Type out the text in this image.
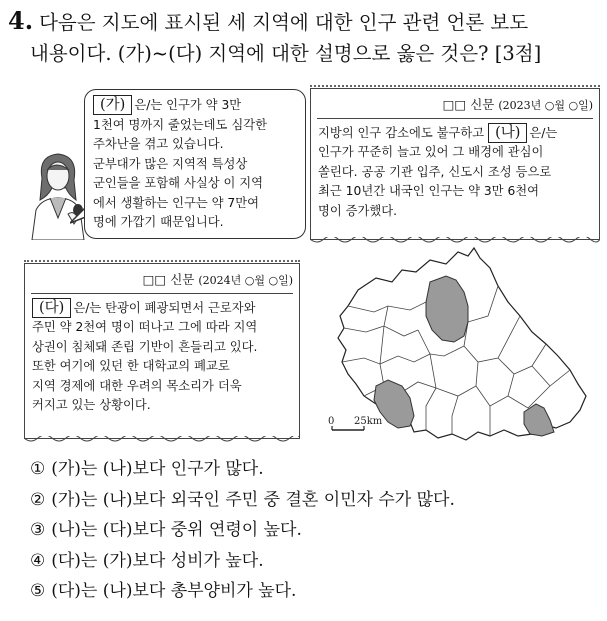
4. 다음은 지도에 표시된 세 지역에 대한 인구 관련 언론 보도
내용이다. (가)~(다) 지역에 대한 설명으로 옳은 것은? [3점]
(가) 은/는 인구가 약 3만
1천여 명까지 줄었는데도 심각한
주차난을 겪고 있습니다.
군부대가 많은 지역적 특성상
군인들을 포함해 사실상 이 지역
에서 생활하는 인구는 약 7만여
명에 가깝기 때문입니다.
□□ 신문 (2023년 ○월 ○일)
지방의 인구 감소에도 불구하고 (나) 은/는
인구가 꾸준히 늘고 있어 그 배경에 관심이
쏠린다. 공공 기관 입주, 신도시 조성 등으로
최근 10년간 내국인 인구는 약 3만 6천여
명이 증가했다.
□□ 신문 (2024년 ○월 ○일)
(다) 은/는 탄광이 폐광되면서 근로자와
주민 약 2천여 명이 떠나고 그에 따라 지역
상권이 침체돼 존립 기반이 흔들리고 있다.
또한 여기에 있던 한 대학교의 폐교로
지역 경제에 대한 우려의 목소리가 더욱
커지고 있는 상황이다.
0 25km
① (가)는 (나)보다 인구가 많다.
② (가)는 (나)보다 외국인 주민 중 결혼 이민자 수가 많다.
③ (나)는 (다)보다 중위 연령이 높다.
④ (다)는 (가)보다 성비가 높다.
⑤ (다)는 (나)보다 총부양비가 높다.
